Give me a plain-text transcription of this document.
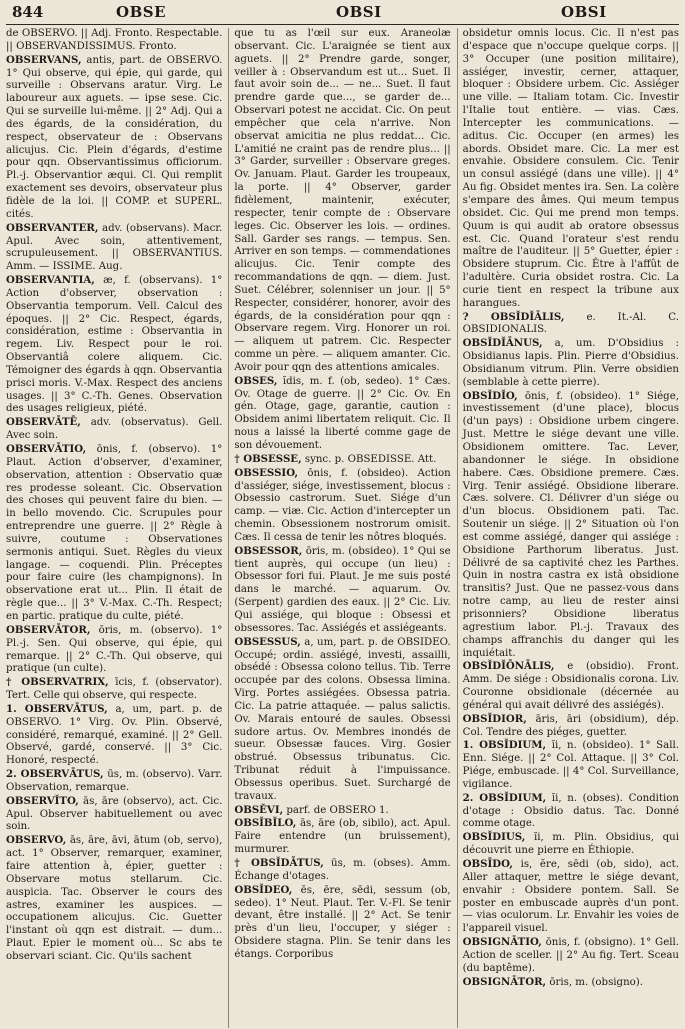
844	OBSE	OBSI	OBSI

de OBSERVO. || Adj. Fronto. Respectable. || OBSERVANDISSIMUS. Fronto.

OBSERVANS, antis, part. de OBSERVO. 1° Qui observe, qui épie, qui garde, qui surveille : Observans aratur. Virg. Le laboureur aux aguets. — ipse sese. Cic. Qui se surveille lui-même. || 2° Adj. Qui a des égards, de la considération, du respect, observateur de : Observans alicujus. Cic. Plein d'égards, d'estime pour qqn. Observantissimus officiorum. Pl.-j. Observantior æqui. Cl. Qui remplit exactement ses devoirs, observateur plus fidèle de la loi. || COMP. et SUPERL. cités.

OBSERVANTER, adv. (observans). Macr. Apul. Avec soin, attentivement, scrupuleusement. || OBSERVANTIUS. Amm. — ISSIME. Aug.

OBSERVANTIA, æ, f. (observans). 1° Action d'observer, observation : Observantia temporum. Vell. Calcul des époques. || 2° Cic. Respect, égards, considération, estime : Observantia in regem. Liv. Respect pour le roi. Observantiâ colere aliquem. Cic. Témoigner des égards à qqn. Observantia prisci moris. V.-Max. Respect des anciens usages. || 3° C.-Th. Genes. Observation des usages religieux, piété.

OBSERVĀTĒ, adv. (observatus). Gell. Avec soin.

OBSERVĀTIO, ōnis, f. (observo). 1° Plaut. Action d'observer, d'examiner, observation, attention : Observatio quæ res prodesse soleant. Cic. Observation des choses qui peuvent faire du bien. — in bello movendo. Cic. Scrupules pour entreprendre une guerre. || 2° Règle à suivre, coutume : Observationes sermonis antiqui. Suet. Règles du vieux langage. — coquendi. Plin. Préceptes pour faire cuire (les champignons). In observatione erat ut... Plin. Il était de règle que... || 3° V.-Max. C.-Th. Respect; en partic. pratique du culte, piété.

OBSERVĀTOR, ōris, m. (observo). 1° Pl.-j. Sen. Qui observe, qui épie, qui remarque. || 2° C.-Th. Qui observe, qui pratique (un culte).

† OBSERVATRIX, īcis, f. (observator). Tert. Celle qui observe, qui respecte.

1. OBSERVĀTUS, a, um, part. p. de OBSERVO. 1° Virg. Ov. Plin. Observé, considéré, remarqué, examiné. || 2° Gell. Observé, gardé, conservé. || 3° Cic. Honoré, respecté.

2. OBSERVĀTUS, ūs, m. (observo). Varr. Observation, remarque.

OBSERVĬTO, ās, āre (observo), act. Cic. Apul. Observer habituellement ou avec soin.

OBSERVO, ās, āre, āvi, ātum (ob, servo), act. 1° Observer, remarquer, examiner, faire attention à, épier, guetter : Observare motus stellarum. Cic. auspicia. Tac. Observer le cours des astres, examiner les auspices. — occupationem alicujus. Cic. Guetter l'instant où qqn est distrait. — dum... Plaut. Epier le moment où... Sc abs te observari sciant. Cic. Qu'ils sachent

que tu as l'œil sur eux. Araneolæ observant. Cic. L'araignée se tient aux aguets. || 2° Prendre garde, songer, veiller à : Observandum est ut... Suet. Il faut avoir soin de... — ne... Suet. Il faut prendre garde que..., se garder de... Observari potest ne accidat. Cic. On peut empêcher que cela n'arrive. Non observat amicitia ne plus reddat... Cic. L'amitié ne craint pas de rendre plus... || 3° Garder, surveiller : Observare greges. Ov. Januam. Plaut. Garder les troupeaux, la porte. || 4° Observer, garder fidèlement, maintenir, exécuter, respecter, tenir compte de : Observare leges. Cic. Observer les lois. — ordines. Sall. Garder ses rangs. — tempus. Sen. Arriver en son temps. — commendationes alicujus. Cic. Tenir compte des recommandations de qqn. — diem. Just. Suet. Célébrer, solenniser un jour. || 5° Respecter, considérer, honorer, avoir des égards, de la considération pour qqn : Observare regem. Virg. Honorer un roi. — aliquem ut patrem. Cic. Respecter comme un père. — aliquem amanter. Cic. Avoir pour qqn des attentions amicales.

OBSES, ĭdis, m. f. (ob, sedeo). 1° Cæs. Ov. Otage de guerre. || 2° Cic. Ov. En gén. Otage, gage, garantie, caution : Obsidem animi libertatem reliquit. Cic. Il nous a laissé la liberté comme gage de son dévouement.

† OBSESSE, sync. p. OBSEDISSE. Att.

OBSESSIO, ōnis, f. (obsideo). Action d'assiéger, siége, investissement, blocus : Obsessio castrorum. Suet. Siége d'un camp. — viæ. Cic. Action d'intercepter un chemin. Obsessionem nostrorum omisit. Cæs. Il cessa de tenir les nôtres bloqués.

OBSESSOR, ōris, m. (obsideo). 1° Qui se tient auprès, qui occupe (un lieu) : Obsessor fori fui. Plaut. Je me suis posté dans le marché. — aquarum. Ov. (Serpent) gardien des eaux. || 2° Cic. Liv. Qui assiége, qui bloque : Obsessi et obsessores. Tac. Assiégés et assiégeants.

OBSESSUS, a, um, part. p. de OBSIDEO. Occupé; ordin. assiégé, investi, assailli, obsédé : Obsessa colono tellus. Tib. Terre occupée par des colons. Obsessa limina. Virg. Portes assiégées. Obsessa patria. Cic. La patrie attaquée. — palus salictis. Ov. Marais entouré de saules. Obsessi sudore artus. Ov. Membres inondés de sueur. Obsessæ fauces. Virg. Gosier obstrué. Obsessus tribunatus. Cic. Tribunat réduit à l'impuissance. Obsessus operibus. Suet. Surchargé de travaux.

OBSĔVI, parf. de OBSERO 1.

OBSĬBĬLO, ās, āre (ob, sibilo), act. Apul. Faire entendre (un bruissement), murmurer.

† OBSĬDĀTUS, ūs, m. (obses). Amm. Échange d'otages.

OBSĬDEO, ēs, ēre, sēdi, sessum (ob, sedeo). 1° Neut. Plaut. Ter. V.-Fl. Se tenir devant, être installé. || 2° Act. Se tenir près d'un lieu, l'occuper, y siéger : Obsidere stagna. Plin. Se tenir dans les étangs. Corporibus

obsidetur omnis locus. Cic. Il n'est pas d'espace que n'occupe quelque corps. || 3° Occuper (une position militaire), assiéger, investir, cerner, attaquer, bloquer : Obsidere urbem. Cic. Assiéger une ville. — Italiam totam. Cic. Investir l'Italie tout entière. — vias. Cæs. Intercepter les communications. — aditus. Cic. Occuper (en armes) les abords. Obsidet mare. Cic. La mer est envahie. Obsidere consulem. Cic. Tenir un consul assiégé (dans une ville). || 4° Au fig. Obsidet mentes ira. Sen. La colère s'empare des âmes. Qui meum tempus obsidet. Cic. Qui me prend mon temps. Quum is qui audit ab oratore obsessus est. Cic. Quand l'orateur s'est rendu maître de l'auditeur. || 5° Guetter, épier : Obsidere stuprum. Cic. Être à l'affût de l'adultère. Curia obsidet rostra. Cic. La curie tient en respect la tribune aux harangues.

? OBSĬDĬĀLIS, e. It.-Al. C. OBSIDIONALIS.

OBSĬDĬĀNUS, a, um. D'Obsidius : Obsidianus lapis. Plin. Pierre d'Obsidius. Obsidianum vitrum. Plin. Verre obsidien (semblable à cette pierre).

OBSĬDĬO, ōnis, f. (obsideo). 1° Siége, investissement (d'une place), blocus (d'un pays) : Obsidione urbem cingere. Just. Mettre le siége devant une ville. Obsidionem omittere. Tac. Lever, abandonner le siége. In obsidione habere. Cæs. Obsidione premere. Cæs. Virg. Tenir assiégé. Obsidione liberare. Cæs. solvere. Cl. Délivrer d'un siége ou d'un blocus. Obsidionem pati. Tac. Soutenir un siége. || 2° Situation où l'on est comme assiégé, danger qui assiége : Obsidione Parthorum liberatus. Just. Délivré de sa captivité chez les Parthes. Quin in nostra castra ex istâ obsidione transitis? Just. Que ne passez-vous dans notre camp, au lieu de rester ainsi prisonniers? Obsidione liberatus agrestium labor. Pl.-j. Travaux des champs affranchis du danger qui les inquiétait.

OBSĬDĬŌNĀLIS, e (obsidio). Front. Amm. De siége : Obsidionalis corona. Liv. Couronne obsidionale (décernée au général qui avait délivré des assiégés).

OBSĬDIOR, āris, āri (obsidium), dép. Col. Tendre des piéges, guetter.

1. OBSĬDIUM, ĭi, n. (obsideo). 1° Sall. Enn. Siége. || 2° Col. Attaque. || 3° Col. Piége, embuscade. || 4° Col. Surveillance, vigilance.

2. OBSĬDIUM, ĭi, n. (obses). Condition d'otage : Obsidio datus. Tac. Donné comme otage.

OBSĬDIUS, ĭi, m. Plin. Obsidius, qui découvrit une pierre en Éthiopie.

OBSĪDO, is, ĕre, sēdi (ob, sido), act. Aller attaquer, mettre le siége devant, envahir : Obsidere pontem. Sall. Se poster en embuscade auprès d'un pont. — vias oculorum. Lr. Envahir les voies de l'appareil visuel.

OBSIGNĀTIO, ōnis, f. (obsigno). 1° Gell. Action de sceller. || 2° Au fig. Tert. Sceau (du baptême).

OBSIGNĀTOR, ōris, m. (obsigno).
